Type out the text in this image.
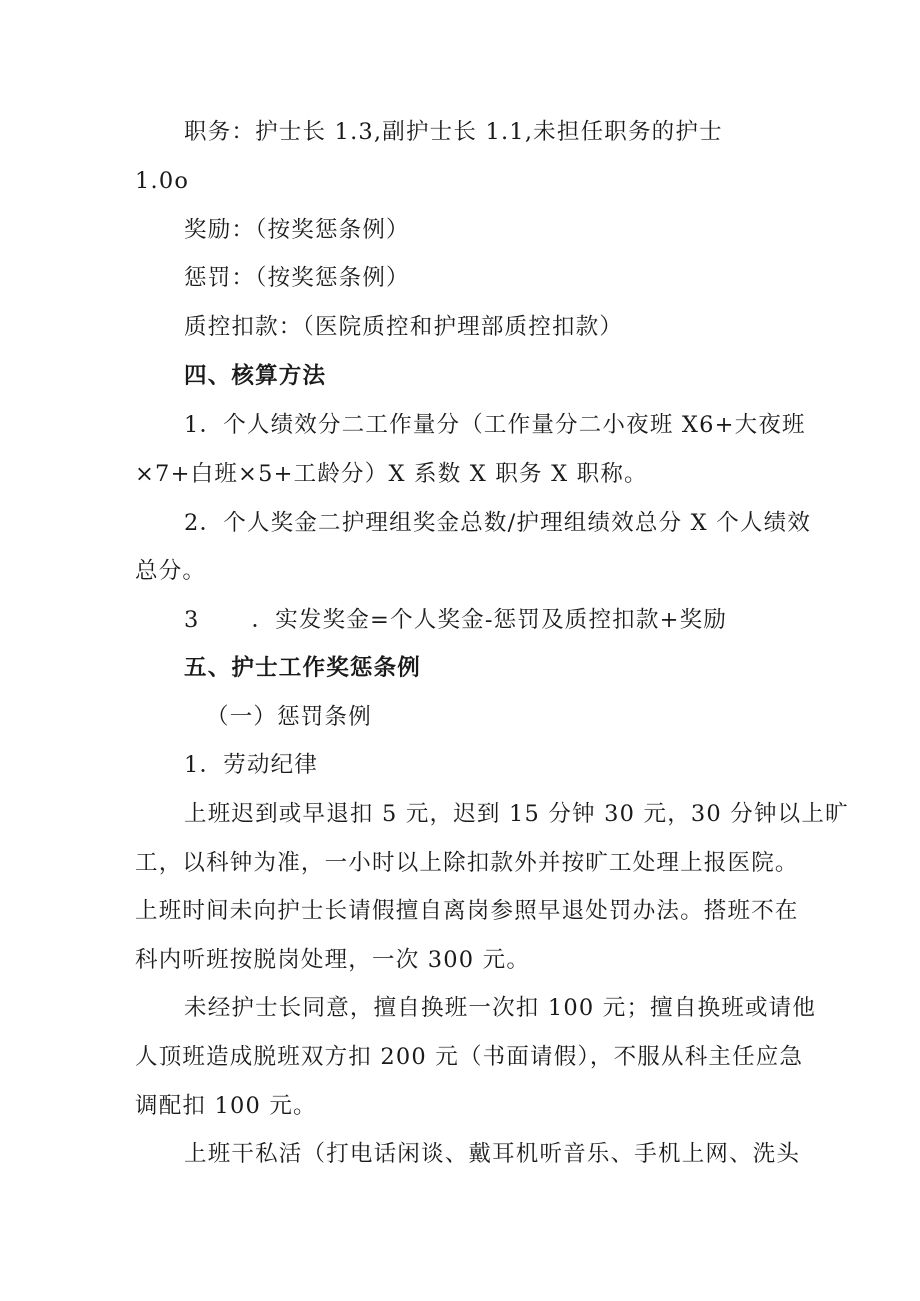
职务：护士长 1.3,副护士长 1.1,未担任职务的护士
1.0o
奖励：（按奖惩条例）
惩罚：（按奖惩条例）
质控扣款：（医院质控和护理部质控扣款）
四、核算方法
1．个人绩效分二工作量分（工作量分二小夜班 X6+大夜班
×7+白班×5+工龄分）X 系数 X 职务 X 职称。
2．个人奖金二护理组奖金总数/护理组绩效总分 X 个人绩效
总分。
3 ．实发奖金=个人奖金-惩罚及质控扣款+奖励
五、护士工作奖惩条例
（一）惩罚条例
1．劳动纪律
上班迟到或早退扣 5 元，迟到 15 分钟 30 元，30 分钟以上旷
工，以科钟为准，一小时以上除扣款外并按旷工处理上报医院。
上班时间未向护士长请假擅自离岗参照早退处罚办法。搭班不在
科内听班按脱岗处理，一次 300 元。
未经护士长同意，擅自换班一次扣 100 元；擅自换班或请他
人顶班造成脱班双方扣 200 元（书面请假），不服从科主任应急
调配扣 100 元。
上班干私活（打电话闲谈、戴耳机听音乐、手机上网、洗头
